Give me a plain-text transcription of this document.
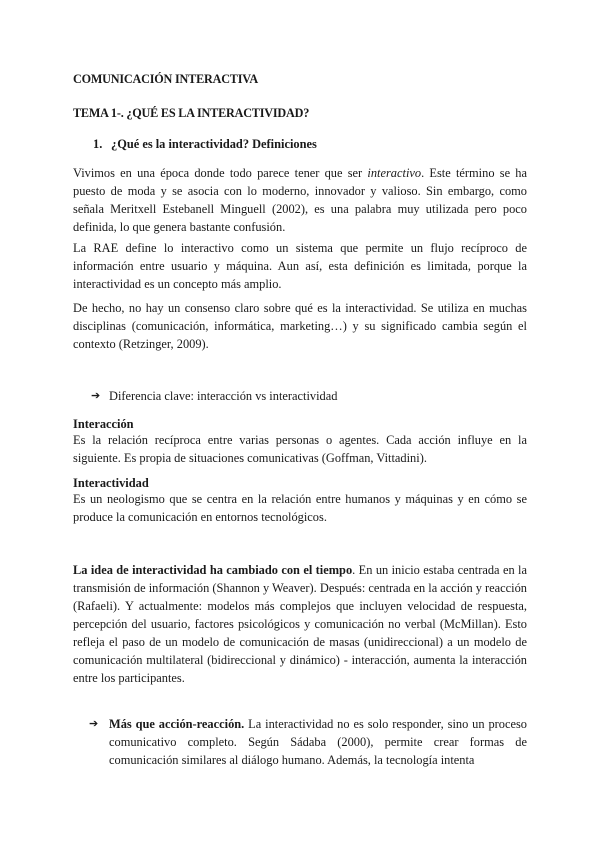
COMUNICACIÓN INTERACTIVA

TEMA 1-. ¿QUÉ ES LA INTERACTIVIDAD?

1. ¿Qué es la interactividad? Definiciones

Vivimos en una época donde todo parece tener que ser interactivo. Este término se ha puesto de moda y se asocia con lo moderno, innovador y valioso. Sin embargo, como señala Meritxell Estebanell Minguell (2002), es una palabra muy utilizada pero poco definida, lo que genera bastante confusión.

La RAE define lo interactivo como un sistema que permite un flujo recíproco de información entre usuario y máquina. Aun así, esta definición es limitada, porque la interactividad es un concepto más amplio.

De hecho, no hay un consenso claro sobre qué es la interactividad. Se utiliza en muchas disciplinas (comunicación, informática, marketing…) y su significado cambia según el contexto (Retzinger, 2009).

➔ Diferencia clave: interacción vs interactividad

Interacción

Es la relación recíproca entre varias personas o agentes. Cada acción influye en la siguiente. Es propia de situaciones comunicativas (Goffman, Vittadini).

Interactividad

Es un neologismo que se centra en la relación entre humanos y máquinas y en cómo se produce la comunicación en entornos tecnológicos.

La idea de interactividad ha cambiado con el tiempo. En un inicio estaba centrada en la transmisión de información (Shannon y Weaver). Después: centrada en la acción y reacción (Rafaeli). Y actualmente: modelos más complejos que incluyen velocidad de respuesta, percepción del usuario, factores psicológicos y comunicación no verbal (McMillan). Esto refleja el paso de un modelo de comunicación de masas (unidireccional) a un modelo de comunicación multilateral (bidireccional y dinámico) - interacción, aumenta la interacción entre los participantes.

➔ Más que acción-reacción. La interactividad no es solo responder, sino un proceso comunicativo completo. Según Sádaba (2000), permite crear formas de comunicación similares al diálogo humano. Además, la tecnología intenta
